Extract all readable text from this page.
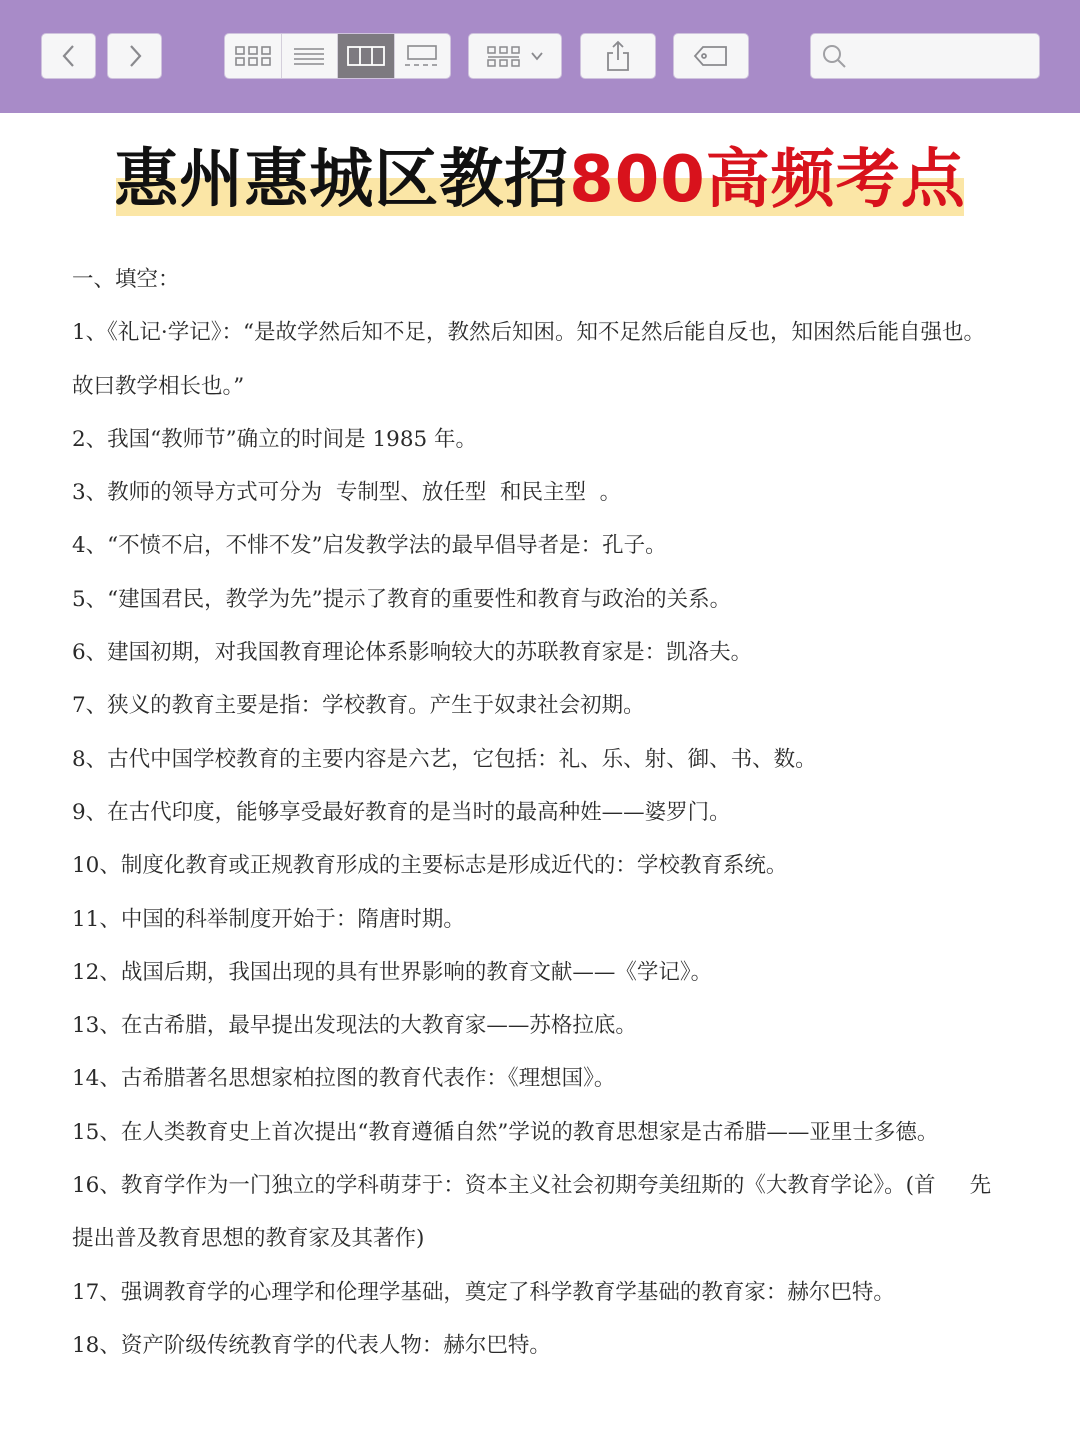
惠州惠城区教招800高频考点

一、填空：

1、《礼记·学记》：“是故学然后知不足，教然后知困。知不足然后能自反也，知困然后能自强也。

故曰教学相长也。”

2、我国“教师节”确立的时间是 1985 年。

3、教师的领导方式可分为  专制型、放任型  和民主型  。

4、“不愤不启，不悱不发”启发教学法的最早倡导者是：孔子。

5、“建国君民，教学为先”提示了教育的重要性和教育与政治的关系。

6、建国初期，对我国教育理论体系影响较大的苏联教育家是：凯洛夫。

7、狭义的教育主要是指：学校教育。产生于奴隶社会初期。

8、古代中国学校教育的主要内容是六艺，它包括：礼、乐、射、御、书、数。

9、在古代印度，能够享受最好教育的是当时的最高种姓——婆罗门。

10、制度化教育或正规教育形成的主要标志是形成近代的：学校教育系统。

11、中国的科举制度开始于：隋唐时期。

12、战国后期，我国出现的具有世界影响的教育文献——《学记》。

13、在古希腊，最早提出发现法的大教育家——苏格拉底。

14、古希腊著名思想家柏拉图的教育代表作：《理想国》。

15、在人类教育史上首次提出“教育遵循自然”学说的教育思想家是古希腊——亚里士多德。

16、教育学作为一门独立的学科萌芽于：资本主义社会初期夸美纽斯的《大教育学论》。(首     先

提出普及教育思想的教育家及其著作)

17、强调教育学的心理学和伦理学基础，奠定了科学教育学基础的教育家：赫尔巴特。

18、资产阶级传统教育学的代表人物：赫尔巴特。
